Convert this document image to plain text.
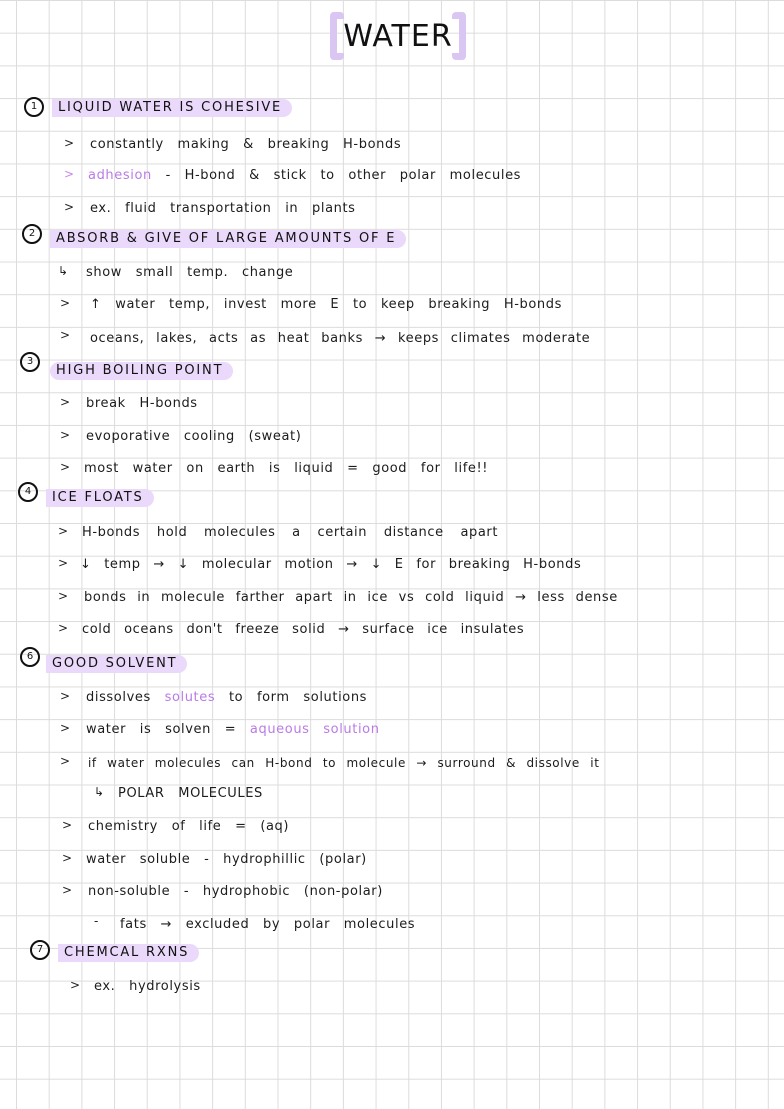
WATER
1	LIQUID WATER IS COHESIVE
> constantly making & breaking H-bonds
> adhesion - H-bond & stick to other polar molecules
> ex. fluid transportation in plants
2	ABSORB & GIVE OF LARGE AMOUNTS OF E
↳ show small temp. change
> ↑ water temp, invest more E to keep breaking H-bonds
> oceans, lakes, acts as heat banks → keeps climates moderate
3
HIGH BOILING POINT
> break H-bonds
> evoporative cooling (sweat)
> most water on earth is liquid = good for life!!
4	ICE FLOATS
> H-bonds hold molecules a certain distance apart
> ↓ temp → ↓ molecular motion → ↓ E for breaking H-bonds
> bonds in molecule farther apart in ice vs cold liquid → less dense
> cold oceans don't freeze solid → surface ice insulates
6	GOOD SOLVENT
> dissolves solutes to form solutions
> water is solven = aqueous solution
> if water molecules can H-bond to molecule → surround & dissolve it
↳ POLAR MOLECULES
> chemistry of life = (aq)
> water soluble - hydrophillic (polar)
> non-soluble - hydrophobic (non-polar)
- fats → excluded by polar molecules
7	CHEMCAL RXNS
> ex. hydrolysis
